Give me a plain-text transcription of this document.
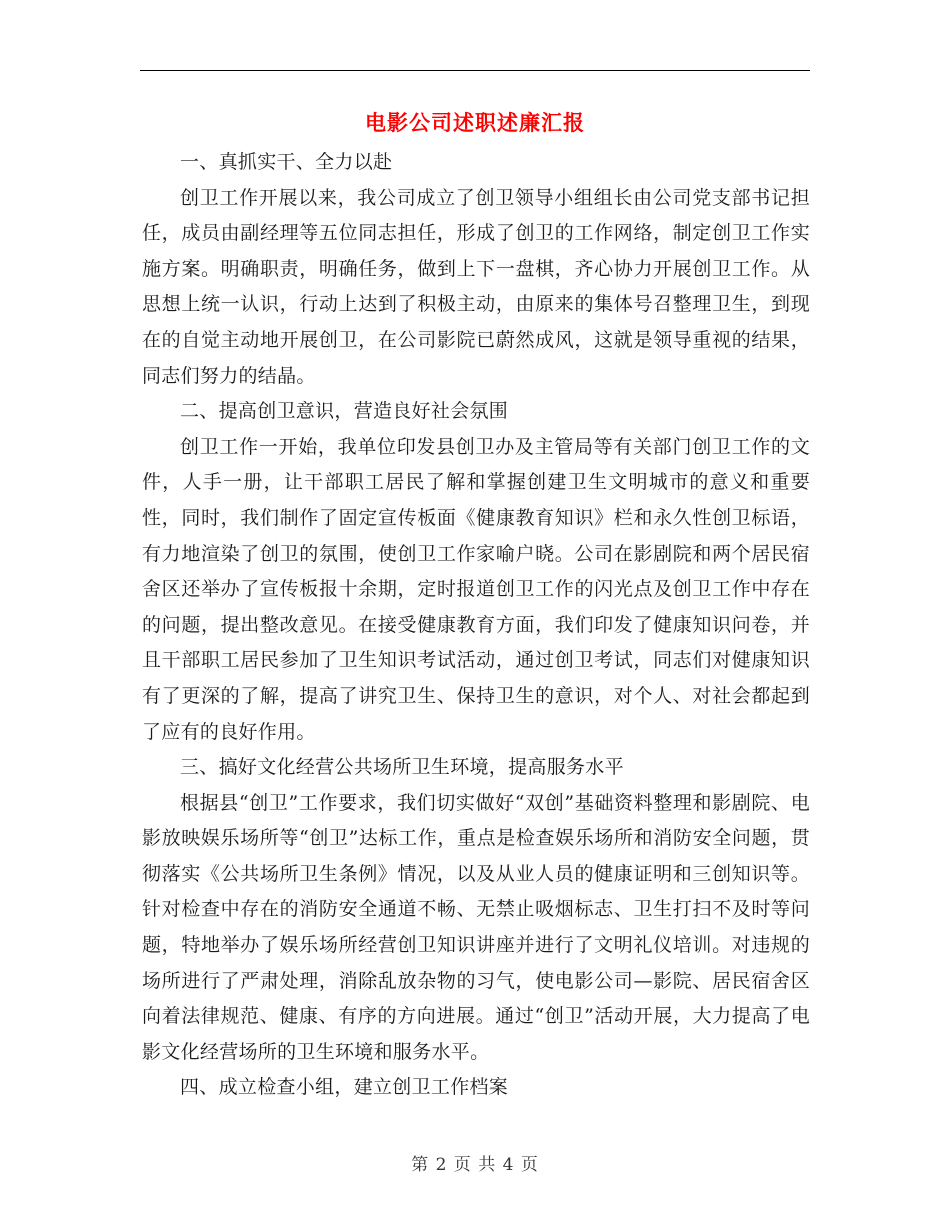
电影公司述职述廉汇报

一、真抓实干、全力以赴

创卫工作开展以来，我公司成立了创卫领导小组组长由公司党支部书记担任，成员由副经理等五位同志担任，形成了创卫的工作网络，制定创卫工作实施方案。明确职责，明确任务，做到上下一盘棋，齐心协力开展创卫工作。从思想上统一认识，行动上达到了积极主动，由原来的集体号召整理卫生，到现在的自觉主动地开展创卫，在公司影院已蔚然成风，这就是领导重视的结果，同志们努力的结晶。

二、提高创卫意识，营造良好社会氛围

创卫工作一开始，我单位印发县创卫办及主管局等有关部门创卫工作的文件，人手一册，让干部职工居民了解和掌握创建卫生文明城市的意义和重要性，同时，我们制作了固定宣传板面《健康教育知识》栏和永久性创卫标语，有力地渲染了创卫的氛围，使创卫工作家喻户晓。公司在影剧院和两个居民宿舍区还举办了宣传板报十余期，定时报道创卫工作的闪光点及创卫工作中存在的问题，提出整改意见。在接受健康教育方面，我们印发了健康知识问卷，并且干部职工居民参加了卫生知识考试活动，通过创卫考试，同志们对健康知识有了更深的了解，提高了讲究卫生、保持卫生的意识，对个人、对社会都起到了应有的良好作用。

三、搞好文化经营公共场所卫生环境，提高服务水平

根据县“创卫”工作要求，我们切实做好“双创”基础资料整理和影剧院、电影放映娱乐场所等“创卫”达标工作，重点是检查娱乐场所和消防安全问题，贯彻落实《公共场所卫生条例》情况，以及从业人员的健康证明和三创知识等。针对检查中存在的消防安全通道不畅、无禁止吸烟标志、卫生打扫不及时等问题，特地举办了娱乐场所经营创卫知识讲座并进行了文明礼仪培训。对违规的场所进行了严肃处理，消除乱放杂物的习气，使电影公司—影院、居民宿舍区向着法律规范、健康、有序的方向进展。通过“创卫”活动开展，大力提高了电影文化经营场所的卫生环境和服务水平。

四、成立检查小组，建立创卫工作档案

第 2 页 共 4 页
